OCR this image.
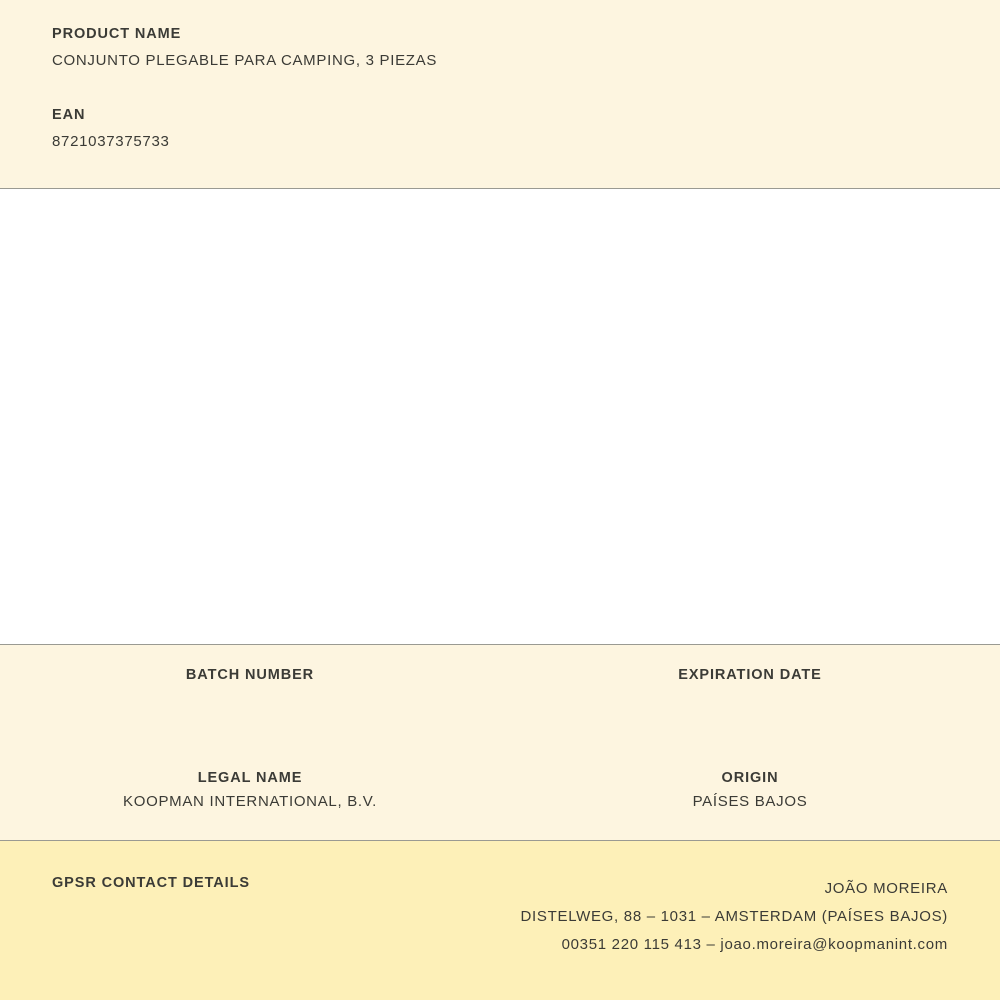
PRODUCT NAME

CONJUNTO PLEGABLE PARA CAMPING, 3 PIEZAS

EAN

8721037375733

BATCH NUMBER	EXPIRATION DATE

LEGAL NAME

KOOPMAN INTERNATIONAL, B.V.

ORIGIN

PAÍSES BAJOS

GPSR CONTACT DETAILS	JOÃO MOREIRA
DISTELWEG, 88 – 1031 – AMSTERDAM (PAÍSES BAJOS)
00351 220 115 413 – joao.moreira@koopmanint.com
